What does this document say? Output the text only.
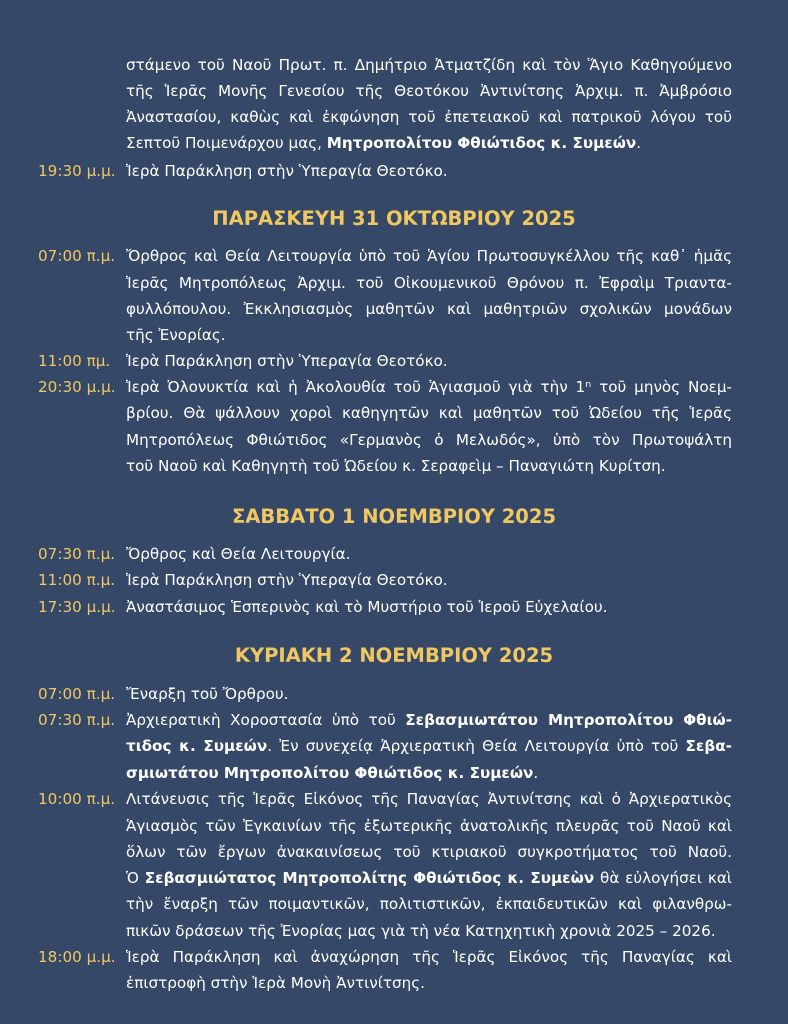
στάμενο τοῦ Ναοῦ Πρωτ. π. Δημήτριο Ἀτματζίδη καὶ τὸν Ἅγιο Καθηγούμενο
τῆς Ἱερᾶς Μονῆς Γενεσίου τῆς Θεοτόκου Ἀντινίτσης Ἀρχιμ. π. Ἀμβρόσιο
Ἀναστασίου, καθὼς καὶ ἐκφώνηση τοῦ ἐπετειακοῦ καὶ πατρικοῦ λόγου τοῦ
Σεπτοῦ Ποιμενάρχου μας, Μητροπολίτου Φθιώτιδος κ. Συμεών.
19:30 μ.μ. Ἱερὰ Παράκληση στὴν Ὑπεραγία Θεοτόκο.
ΠΑΡΑΣΚΕΥΗ 31 ΟΚΤΩΒΡΙΟΥ 2025
07:00 π.μ. Ὄρθρος καὶ Θεία Λειτουργία ὑπὸ τοῦ Ἁγίου Πρωτοσυγκέλλου τῆς καθ᾽ ἡμᾶς
Ἱερᾶς Μητροπόλεως Ἀρχιμ. τοῦ Οἰκουμενικοῦ Θρόνου π. Ἐφραὶμ Τριαντα-
φυλλόπουλου. Ἐκκλησιασμὸς μαθητῶν καὶ μαθητριῶν σχολικῶν μονάδων
τῆς Ἐνορίας.
11:00 πμ.	Ἱερὰ Παράκληση στὴν Ὑπεραγία Θεοτόκο.
20:30 μ.μ. Ἱερὰ Ὀλονυκτία καὶ ἡ Ἀκολουθία τοῦ Ἁγιασμοῦ γιὰ τὴν 1ⁿ τοῦ μηνὸς Νοεμ-
βρίου. Θὰ ψάλλουν χοροὶ καθηγητῶν καὶ μαθητῶν τοῦ Ὠδείου τῆς Ἱερᾶς
Μητροπόλεως Φθιώτιδος «Γερμανὸς ὁ Μελωδός», ὑπὸ τὸν Πρωτοψάλτη
τοῦ Ναοῦ καὶ Καθηγητὴ τοῦ Ὠδείου κ. Σεραφεὶμ – Παναγιώτη Κυρίτση.
ΣΑΒΒΑΤΟ 1 ΝΟΕΜΒΡΙΟΥ 2025
07:30 π.μ. Ὄρθρος καὶ Θεία Λειτουργία.
11:00 π.μ. Ἱερὰ Παράκληση στὴν Ὑπεραγία Θεοτόκο.
17:30 μ.μ. Ἀναστάσιμος Ἑσπερινὸς καὶ τὸ Μυστήριο τοῦ Ἱεροῦ Εὐχελαίου.
ΚΥΡΙΑΚΗ 2 ΝΟΕΜΒΡΙΟΥ 2025
07:00 π.μ. Ἔναρξη τοῦ Ὄρθρου.
07:30 π.μ. Ἀρχιερατικὴ Χοροστασία ὑπὸ τοῦ Σεβασμιωτάτου Μητροπολίτου Φθιώ-
τιδος κ. Συμεών. Ἐν συνεχείᾳ Ἀρχιερατικὴ Θεία Λειτουργία ὑπὸ τοῦ Σεβα-
σμιωτάτου Μητροπολίτου Φθιώτιδος κ. Συμεών.
10:00 π.μ. Λιτάνευσις τῆς Ἱερᾶς Εἰκόνος τῆς Παναγίας Ἀντινίτσης καὶ ὁ Ἀρχιερατικὸς
Ἁγιασμὸς τῶν Ἐγκαινίων τῆς ἐξωτερικῆς ἀνατολικῆς πλευρᾶς τοῦ Ναοῦ καὶ
ὅλων τῶν ἔργων ἀνακαινίσεως τοῦ κτιριακοῦ συγκροτήματος τοῦ Ναοῦ.
Ὁ Σεβασμιώτατος Μητροπολίτης Φθιώτιδος κ. Συμεὼν θὰ εὐλογήσει καὶ
τὴν ἔναρξη τῶν ποιμαντικῶν, πολιτιστικῶν, ἐκπαιδευτικῶν καὶ φιλανθρω-
πικῶν δράσεων τῆς Ἐνορίας μας γιὰ τὴ νέα Κατηχητικὴ χρονιὰ 2025 – 2026.
18:00 μ.μ. Ἱερὰ Παράκληση καὶ ἀναχώρηση τῆς Ἱερᾶς Εἰκόνος τῆς Παναγίας καὶ
ἐπιστροφὴ στὴν Ἱερὰ Μονὴ Ἀντινίτσης.
